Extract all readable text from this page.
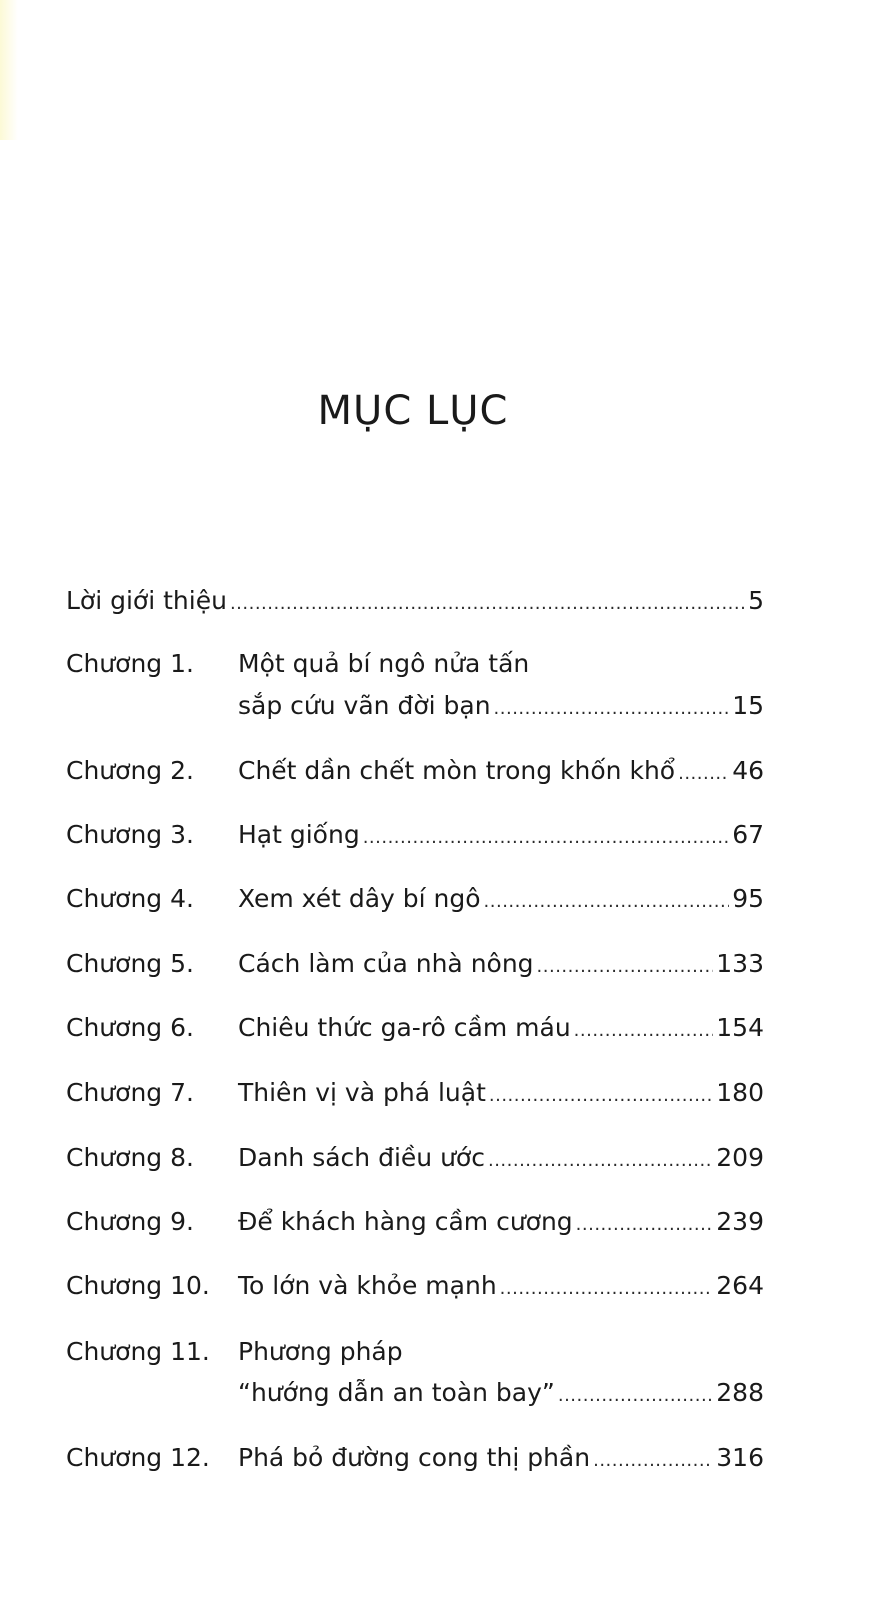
MỤC LỤC
Lời giới thiệu .....	5
Chương 1. Một quả bí ngô nửa tấn
sắp cứu vãn đời bạn .....	15
Chương 2. Chết dần chết mòn trong khốn khổ ..... 46
Chương 3. Hạt giống .....	67
Chương 4. Xem xét dây bí ngô .....	95
Chương 5. Cách làm của nhà nông .....	133
Chương 6. Chiêu thức ga-rô cầm máu .....	154
Chương 7. Thiên vị và phá luật .....	180
Chương 8. Danh sách điều ước .....	209
Chương 9. Để khách hàng cầm cương .....	239
Chương 10. To lớn và khỏe mạnh .....	264
Chương 11. Phương pháp
“hướng dẫn an toàn bay” .....	288
Chương 12. Phá bỏ đường cong thị phần .....	316
